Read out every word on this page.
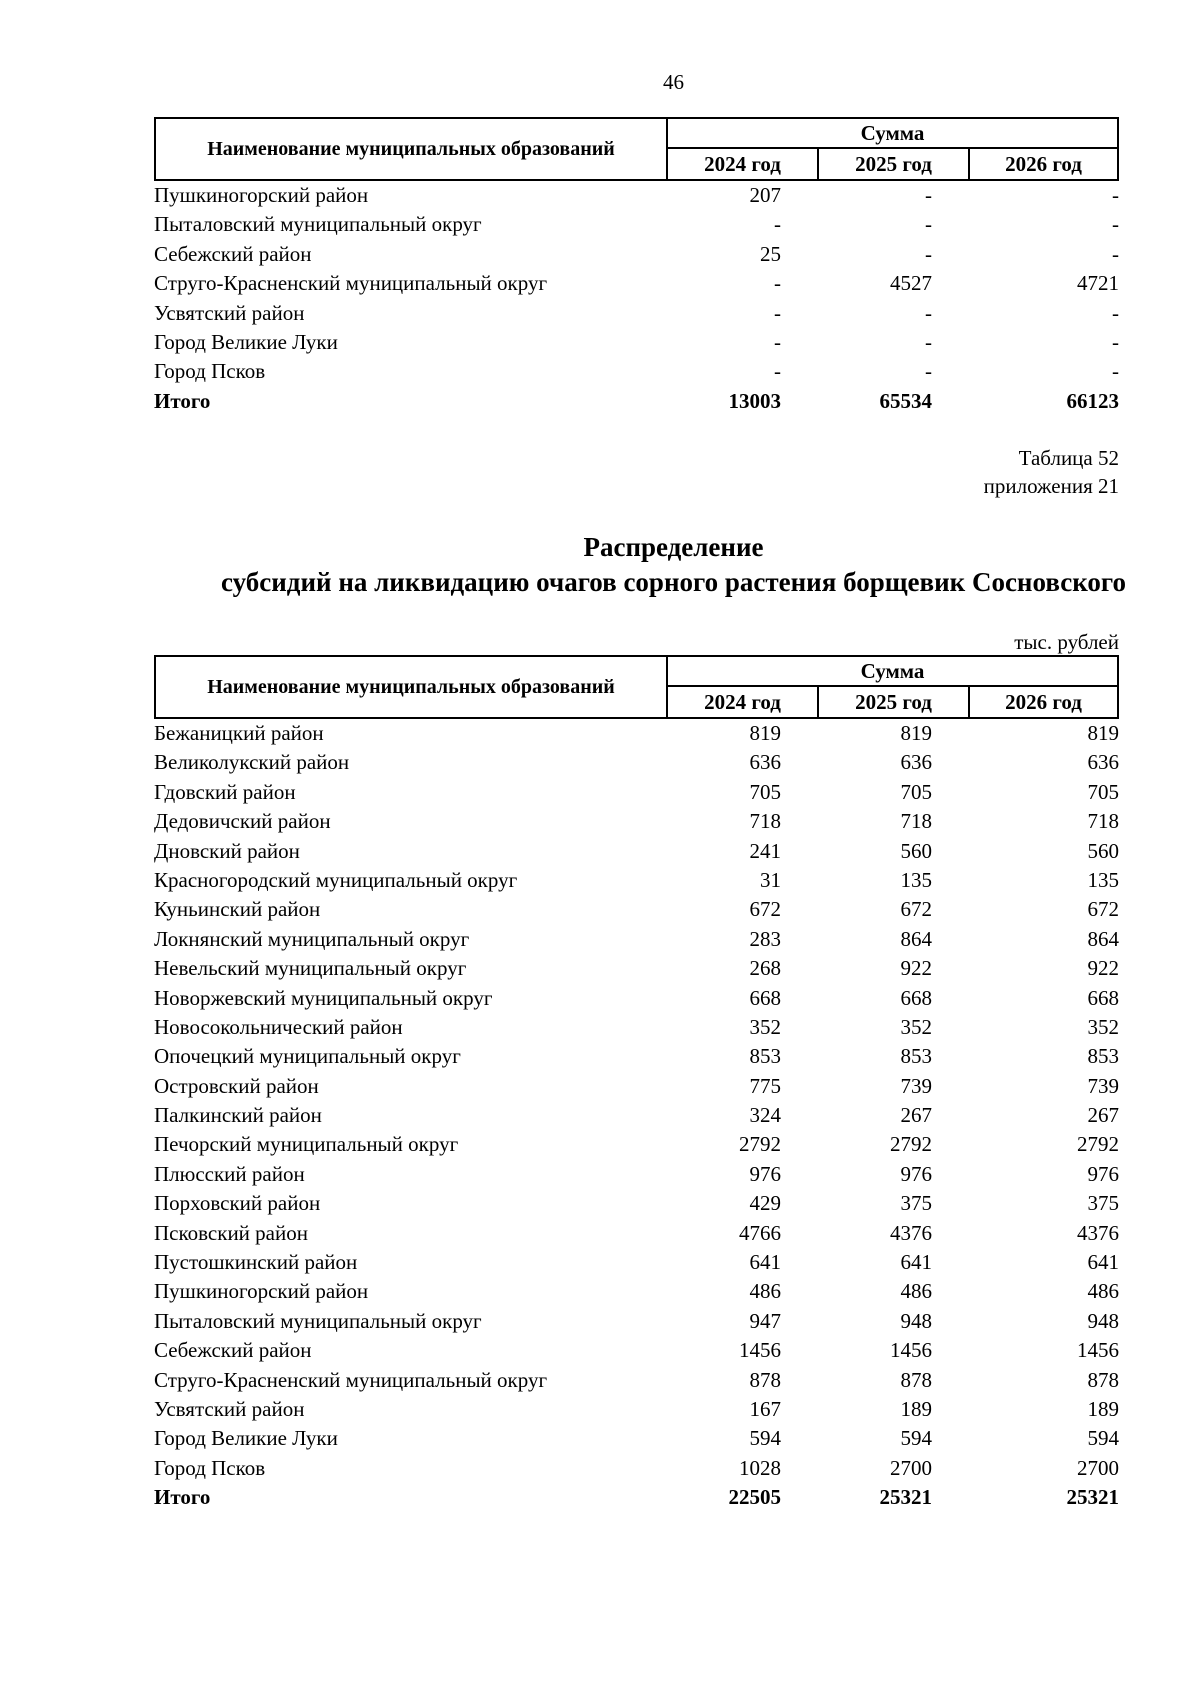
46
Наименование муниципальных образований
Сумма
2024 год	2025 год	2026 год
Пушкиногорский район	207	-	-
Пыталовский муниципальный округ	-	-	-
Себежский район	25	-	-
Струго-Красненский муниципальный округ	-	4527	4721
Усвятский район	-	-	-
Город Великие Луки	-	-	-
Город Псков	-	-	-
Итого	13003	65534	66123
Таблица 52
приложения 21
Распределение
субсидий на ликвидацию очагов сорного растения борщевик Сосновского
тыс. рублей
Наименование муниципальных образований
Сумма
2024 год	2025 год	2026 год
Бежаницкий район	819	819	819
Великолукский район	636	636	636
Гдовский район	705	705	705
Дедовичский район	718	718	718
Дновский район	241	560	560
Красногородский муниципальный округ	31	135	135
Куньинский район	672	672	672
Локнянский муниципальный округ	283	864	864
Невельский муниципальный округ	268	922	922
Новоржевский муниципальный округ	668	668	668
Новосокольнический район	352	352	352
Опочецкий муниципальный округ	853	853	853
Островский район	775	739	739
Палкинский район	324	267	267
Печорский муниципальный округ	2792	2792	2792
Плюсский район	976	976	976
Порховский район	429	375	375
Псковский район	4766	4376	4376
Пустошкинский район	641	641	641
Пушкиногорский район	486	486	486
Пыталовский муниципальный округ	947	948	948
Себежский район	1456	1456	1456
Струго-Красненский муниципальный округ	878	878	878
Усвятский район	167	189	189
Город Великие Луки	594	594	594
Город Псков	1028	2700	2700
Итого	22505	25321	25321
